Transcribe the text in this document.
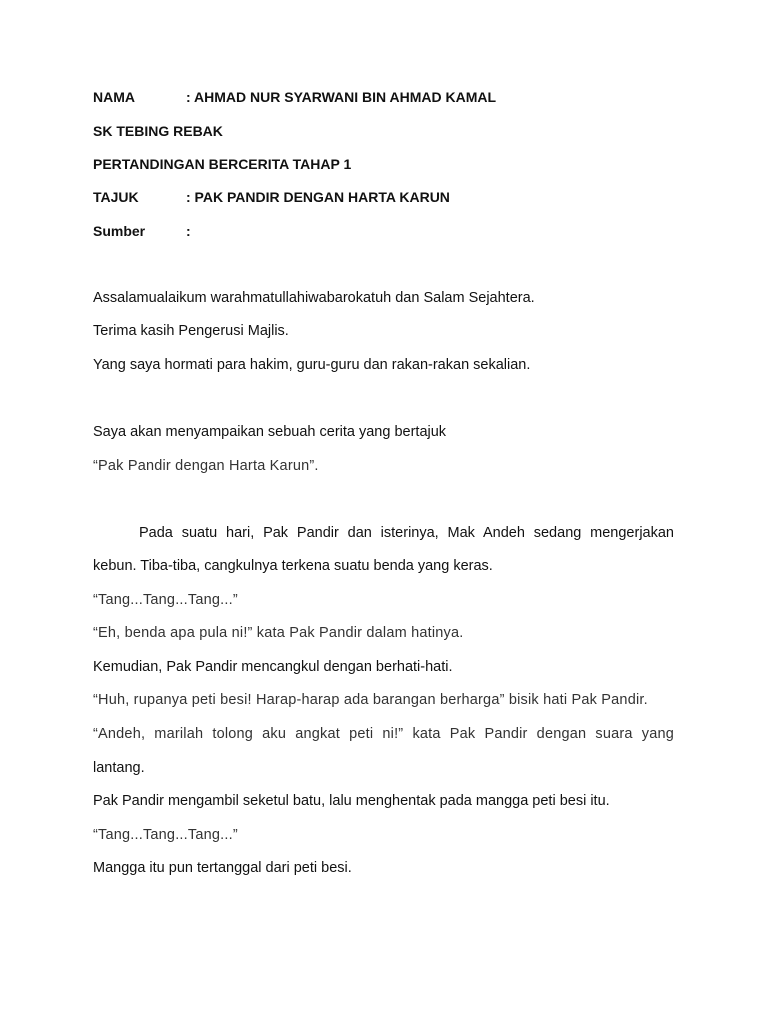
NAMA	: AHMAD NUR SYARWANI BIN AHMAD KAMAL
SK TEBING REBAK
PERTANDINGAN BERCERITA TAHAP 1
TAJUK	: PAK PANDIR DENGAN HARTA KARUN
Sumber	:
Assalamualaikum warahmatullahiwabarokatuh dan Salam Sejahtera.
Terima kasih Pengerusi Majlis.
Yang saya hormati para hakim, guru-guru dan rakan-rakan sekalian.
Saya akan menyampaikan sebuah cerita yang bertajuk
“Pak Pandir dengan Harta Karun”.
Pada suatu hari, Pak Pandir dan isterinya, Mak Andeh sedang mengerjakan
kebun. Tiba-tiba, cangkulnya terkena suatu benda yang keras.
“Tang...Tang...Tang...”
“Eh, benda apa pula ni!” kata Pak Pandir dalam hatinya.
Kemudian, Pak Pandir mencangkul dengan berhati-hati.
“Huh, rupanya peti besi! Harap-harap ada barangan berharga” bisik hati Pak Pandir.
“Andeh, marilah tolong aku angkat peti ni!” kata Pak Pandir dengan suara yang
lantang.
Pak Pandir mengambil seketul batu, lalu menghentak pada mangga peti besi itu.
“Tang...Tang...Tang...”
Mangga itu pun tertanggal dari peti besi.
